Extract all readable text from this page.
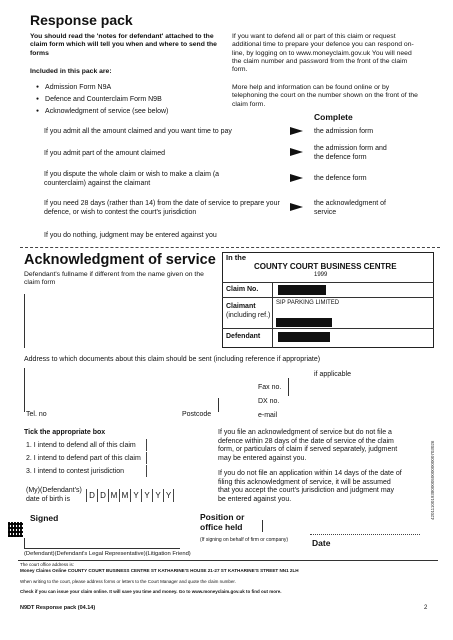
Response pack
You should read the 'notes for defendant' attached to the claim form which will tell you when and where to send the forms
Included in this pack are:
● Admission Form N9A
● Defence and Counterclaim Form N9B
● Acknowledgment of service (see below)
If you want to defend all or part of this claim or request additional time to prepare your defence you can respond on-line, by logging on to www.moneyclaim.gov.uk You will need the claim number and password from the front of the claim form.
More help and information can be found online or by telephoning the court on the number shown on the front of the claim form.
Complete
If you admit all the amount claimed and you want time to pay	the admission form
If you admit part of the amount claimed
the admission form and the defence form
If you dispute the whole claim or wish to make a claim (a counterclaim) against the claimant
the defence form
If you need 28 days (rather than 14) from the date of service to prepare your defence, or wish to contest the court's jurisdiction
the acknowledgment of service
If you do nothing, judgment may be entered against you
Acknowledgment of service
Defendant's fullname if different from the name given on the claim form
In the
COUNTY COURT BUSINESS CENTRE
1999
Claim No.
Claimant
(including ref.)
SIP PARKING LIMITED
Defendant
Address to which documents about this claim should be sent (including reference if appropriate)
if applicable
Fax no.
DX no.
Tel. no	Postcode	e-mail
Tick the appropriate box
1. I intend to defend all of this claim
2. I intend to defend part of this claim
3. I intend to contest jurisdiction
(My)(Defendant's) date of birth is	D D M M Y Y Y Y
If you file an acknowledgment of service but do not file a defence within 28 days of the date of service of the claim form, or particulars of claim if served separately, judgment may be entered against you.
If you do not file an application within 14 days of the date of filing this acknowledgment of service, it will be assumed that you accept the court's jurisdiction and judgment may be entered against you.	42011100193800005000000000703026
Signed	Position or office held
(If signing on behalf of firm or company)	Date
(Defendant)(Defendant's Legal Representative)(Litigation Friend)
The court office address is:
Money Claims Online COUNTY COURT BUSINESS CENTRE ST KATHARINE'S HOUSE 21-27 ST KATHARINE'S STREET NN1 2LH
When writing to the court, please address forms or letters to the Court Manager and quote the claim number.
Check if you can issue your claim online. It will save you time and money. Go to www.moneyclaim.gov.uk to find out more.
N9DT Response pack (04.14)	2
